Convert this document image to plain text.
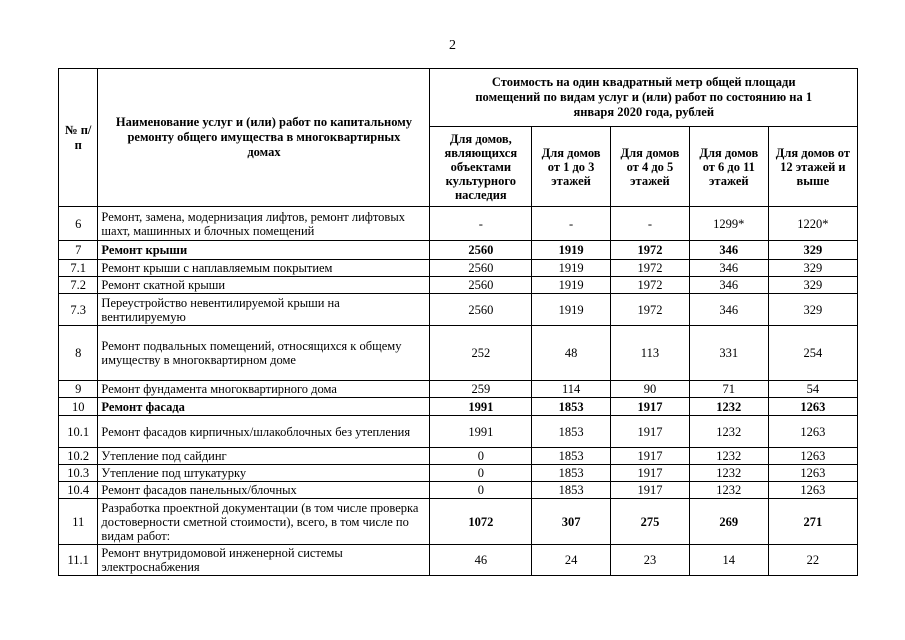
2
№ п/п	Наименование услуг и (или) работ по капитальному ремонту общего имущества в многоквартирных домах	Стоимость на один квадратный метр общей площади помещений по видам услуг и (или) работ по состоянию на 1 января 2020 года, рублей				
		Для домов, являющихся объектами культурного наследия	Для домов от 1 до 3 этажей	Для домов от 4 до 5 этажей	Для домов от 6 до 11 этажей	Для домов от 12 этажей и выше
6	Ремонт, замена, модернизация лифтов, ремонт лифтовых шахт, машинных и блочных помещений	-	-	-	1299*	1220*
7	Ремонт крыши	2560	1919	1972	346	329
7.1	Ремонт крыши с наплавляемым покрытием	2560	1919	1972	346	329
7.2	Ремонт скатной крыши	2560	1919	1972	346	329
7.3	Переустройство невентилируемой крыши на вентилируемую	2560	1919	1972	346	329
8	Ремонт подвальных помещений, относящихся к общему имуществу в многоквартирном доме	252	48	113	331	254
9	Ремонт фундамента многоквартирного дома	259	114	90	71	54
10	Ремонт фасада	1991	1853	1917	1232	1263
10.1	Ремонт фасадов кирпичных/шлакоблочных без утепления	1991	1853	1917	1232	1263
10.2	Утепление под сайдинг	0	1853	1917	1232	1263
10.3	Утепление под штукатурку	0	1853	1917	1232	1263
10.4	Ремонт фасадов панельных/блочных	0	1853	1917	1232	1263
11	Разработка проектной документации (в том числе проверка достоверности сметной стоимости), всего, в том числе по видам работ:	1072	307	275	269	271
11.1	Ремонт внутридомовой инженерной системы электроснабжения	46	24	23	14	22
